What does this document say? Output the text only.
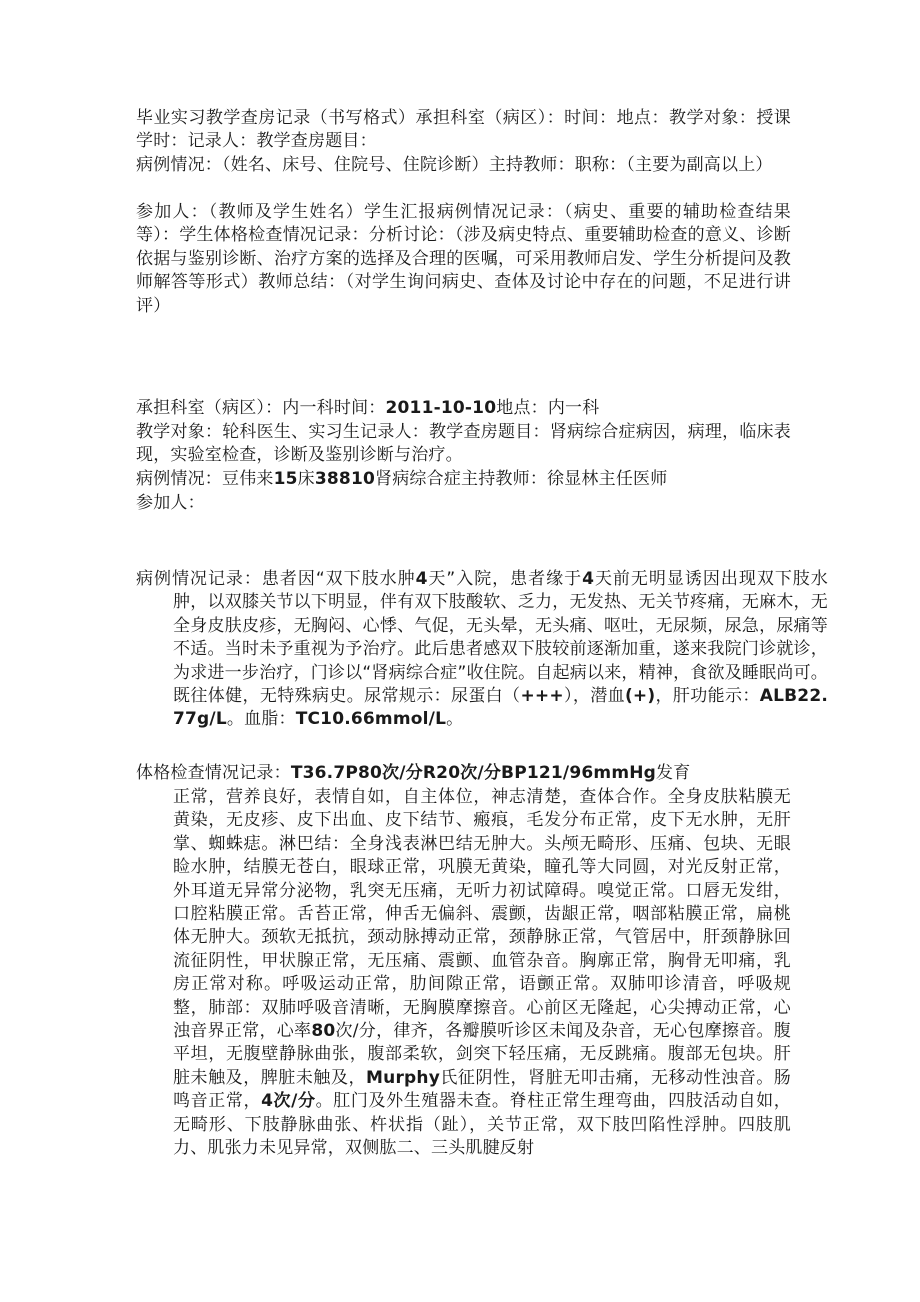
毕业实习教学查房记录（书写格式）承担科室（病区）：时间：地点：教学对象：授课学时：记录人：教学查房题目：

病例情况：（姓名、床号、住院号、住院诊断）主持教师：职称：（主要为副高以上）

参加人：（教师及学生姓名）学生汇报病例情况记录：（病史、重要的辅助检查结果等）：学生体格检查情况记录：分析讨论：（涉及病史特点、重要辅助检查的意义、诊断依据与鉴别诊断、治疗方案的选择及合理的医嘱，可采用教师启发、学生分析提问及教师解答等形式）教师总结：（对学生询问病史、查体及讨论中存在的问题，不足进行讲评）

承担科室（病区）：内一科时间：2011-10-10地点：内一科

教学对象：轮科医生、实习生记录人：教学查房题目：肾病综合症病因，病理，临床表现，实验室检查，诊断及鉴别诊断与治疗。

病例情况：豆伟来15床38810肾病综合症主持教师：徐显林主任医师

参加人：

病例情况记录：患者因“双下肢水肿4天”入院，患者缘于4天前无明显诱因出现双下肢水肿，以双膝关节以下明显，伴有双下肢酸软、乏力，无发热、无关节疼痛，无麻木，无全身皮肤皮疹，无胸闷、心悸、气促，无头晕，无头痛、呕吐，无尿频，尿急，尿痛等不适。当时未予重视为予治疗。此后患者感双下肢较前逐渐加重，遂来我院门诊就诊，为求进一步治疗，门诊以“肾病综合症”收住院。自起病以来，精神，食欲及睡眠尚可。既往体健，无特殊病史。尿常规示：尿蛋白（+++），潜血(+)，肝功能示：ALB22.77g/L。血脂：TC10.66mmol/L。

体格检查情况记录：T36.7P80次/分R20次/分BP121/96mmHg发育

正常，营养良好，表情自如，自主体位，神志清楚，查体合作。全身皮肤粘膜无黄染，无皮疹、皮下出血、皮下结节、瘢痕，毛发分布正常，皮下无水肿，无肝掌、蜘蛛痣。淋巴结：全身浅表淋巴结无肿大。头颅无畸形、压痛、包块、无眼睑水肿，结膜无苍白，眼球正常，巩膜无黄染，瞳孔等大同圆，对光反射正常，外耳道无异常分泌物，乳突无压痛，无听力初试障碍。嗅觉正常。口唇无发绀，口腔粘膜正常。舌苔正常，伸舌无偏斜、震颤，齿龈正常，咽部粘膜正常，扁桃体无肿大。颈软无抵抗，颈动脉搏动正常，颈静脉正常，气管居中，肝颈静脉回流征阴性，甲状腺正常，无压痛、震颤、血管杂音。胸廓正常，胸骨无叩痛，乳房正常对称。呼吸运动正常，肋间隙正常，语颤正常。双肺叩诊清音，呼吸规整，肺部：双肺呼吸音清晰，无胸膜摩擦音。心前区无隆起，心尖搏动正常，心浊音界正常，心率80次/分，律齐，各瓣膜听诊区未闻及杂音，无心包摩擦音。腹平坦，无腹壁静脉曲张，腹部柔软，剑突下轻压痛，无反跳痛。腹部无包块。肝脏未触及，脾脏未触及，Murphy氏征阴性，肾脏无叩击痛，无移动性浊音。肠鸣音正常，4次/分。肛门及外生殖器未查。脊柱正常生理弯曲，四肢活动自如，无畸形、下肢静脉曲张、杵状指（趾），关节正常，双下肢凹陷性浮肿。四肢肌力、肌张力未见异常，双侧肱二、三头肌腱反射
